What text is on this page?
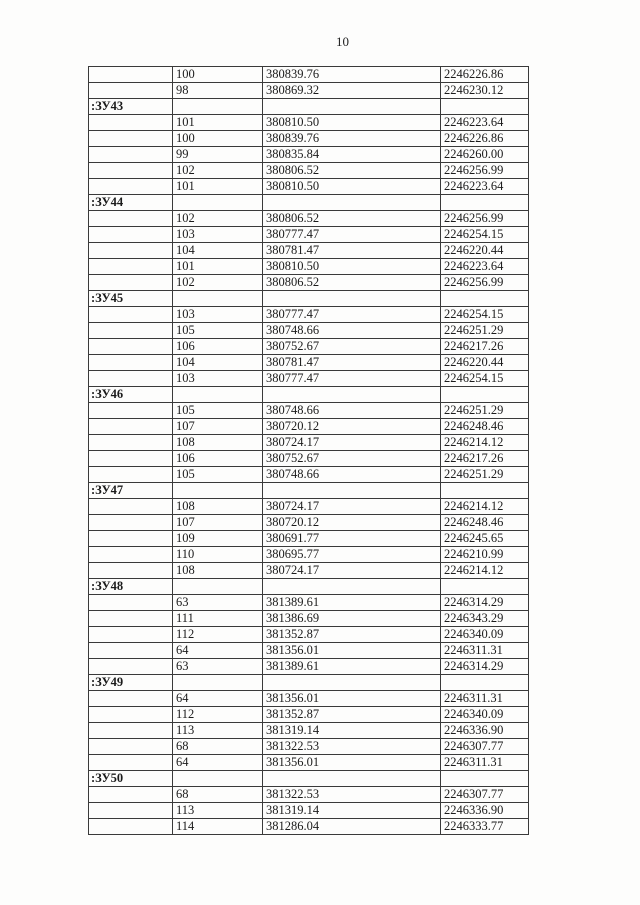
10
	100	380839.76	2246226.86
	98	380869.32	2246230.12
:ЗУ43			
	101	380810.50	2246223.64
	100	380839.76	2246226.86
	99	380835.84	2246260.00
	102	380806.52	2246256.99
	101	380810.50	2246223.64
:ЗУ44			
	102	380806.52	2246256.99
	103	380777.47	2246254.15
	104	380781.47	2246220.44
	101	380810.50	2246223.64
	102	380806.52	2246256.99
:ЗУ45			
	103	380777.47	2246254.15
	105	380748.66	2246251.29
	106	380752.67	2246217.26
	104	380781.47	2246220.44
	103	380777.47	2246254.15
:ЗУ46			
	105	380748.66	2246251.29
	107	380720.12	2246248.46
	108	380724.17	2246214.12
	106	380752.67	2246217.26
	105	380748.66	2246251.29
:ЗУ47			
	108	380724.17	2246214.12
	107	380720.12	2246248.46
	109	380691.77	2246245.65
	110	380695.77	2246210.99
	108	380724.17	2246214.12
:ЗУ48			
	63	381389.61	2246314.29
	111	381386.69	2246343.29
	112	381352.87	2246340.09
	64	381356.01	2246311.31
	63	381389.61	2246314.29
:ЗУ49			
	64	381356.01	2246311.31
	112	381352.87	2246340.09
	113	381319.14	2246336.90
	68	381322.53	2246307.77
	64	381356.01	2246311.31
:ЗУ50			
	68	381322.53	2246307.77
	113	381319.14	2246336.90
	114	381286.04	2246333.77
